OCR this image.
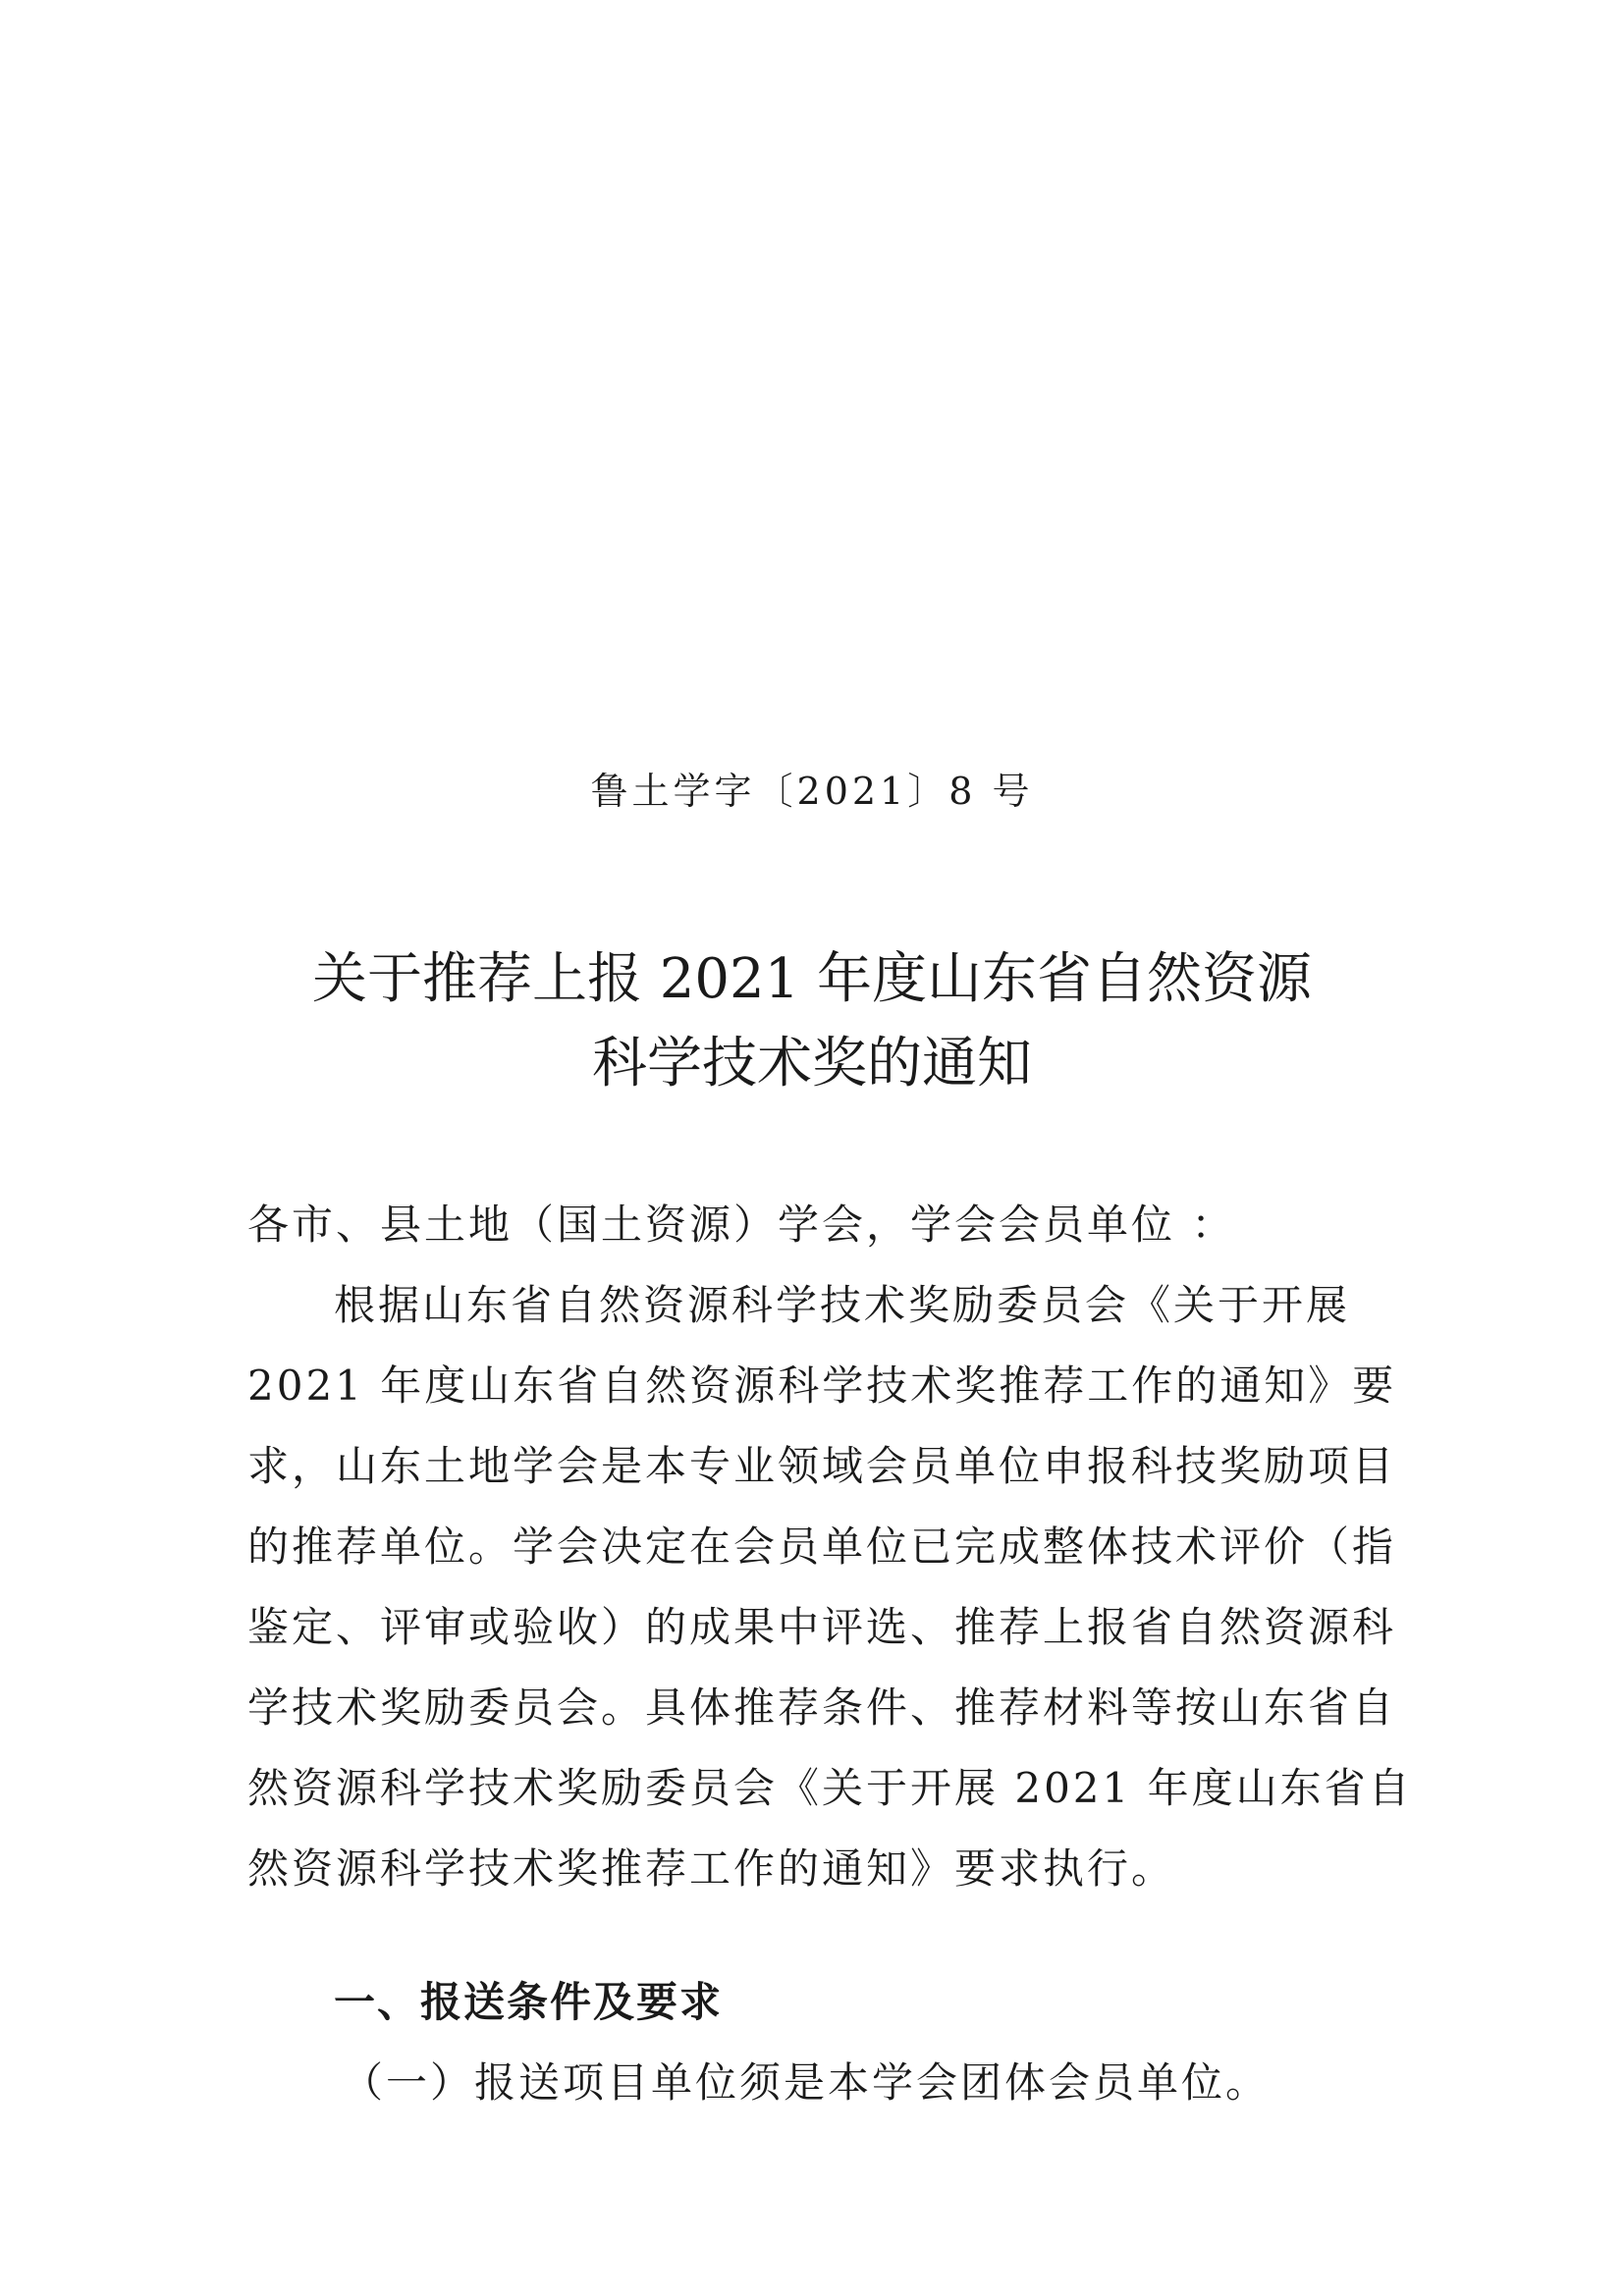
鲁土学字〔2021〕8 号
关于推荐上报 2021 年度山东省自然资源
科学技术奖的通知
各市、县土地（国土资源）学会，学会会员单位 ：
根据山东省自然资源科学技术奖励委员会《关于开展
2021 年度山东省自然资源科学技术奖推荐工作的通知》要
求，山东土地学会是本专业领域会员单位申报科技奖励项目
的推荐单位。学会决定在会员单位已完成整体技术评价（指
鉴定、评审或验收）的成果中评选、推荐上报省自然资源科
学技术奖励委员会。具体推荐条件、推荐材料等按山东省自
然资源科学技术奖励委员会《关于开展 2021 年度山东省自
然资源科学技术奖推荐工作的通知》要求执行。
一、报送条件及要求
（一）报送项目单位须是本学会团体会员单位。
